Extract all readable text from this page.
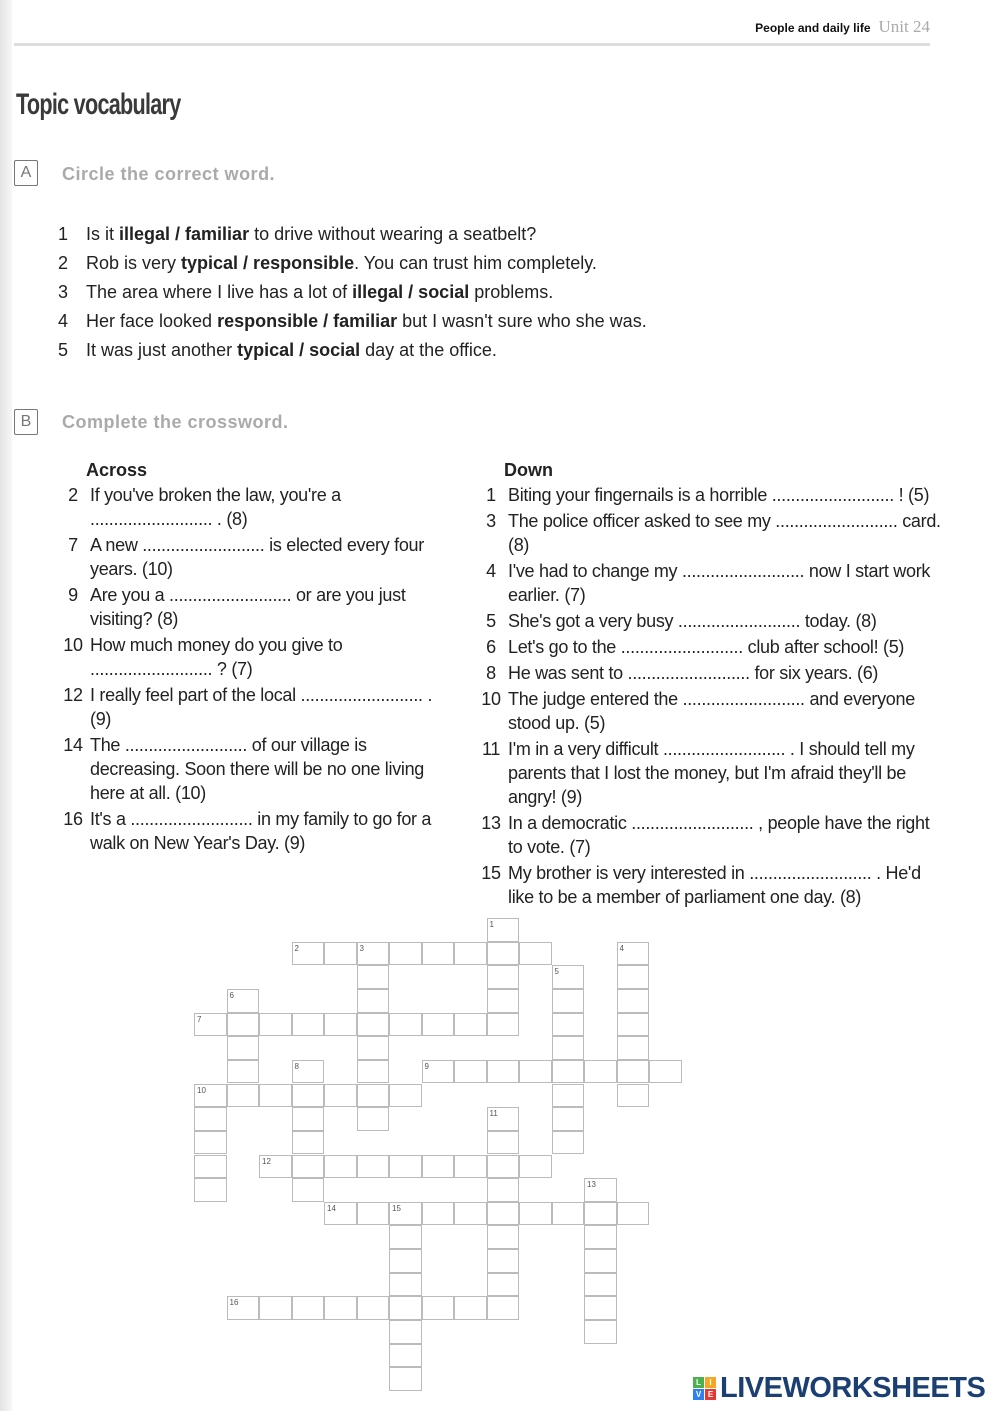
People and daily life Unit 24
Topic vocabulary
A	Circle the correct word.
1 Is it illegal / familiar to drive without wearing a seatbelt?
2 Rob is very typical / responsible. You can trust him completely.
3 The area where I live has a lot of illegal / social problems.
4 Her face looked responsible / familiar but I wasn't sure who she was.
5 It was just another typical / social day at the office.
B	Complete the crossword.
Across
2 If you've broken the law, you're a .......................... . (8)
7 A new .......................... is elected every four years. (10)
9 Are you a .......................... or are you just visiting? (8)
10 How much money do you give to .......................... ? (7)
12 I really feel part of the local .......................... . (9)
14 The .......................... of our village is decreasing. Soon there will be no one living here at all. (10)
16 It's a .......................... in my family to go for a walk on New Year's Day. (9)
Down
1 Biting your fingernails is a horrible .......................... ! (5)
3 The police officer asked to see my .......................... card. (8)
4 I've had to change my .......................... now I start work earlier. (7)
5 She's got a very busy .......................... today. (8)
6 Let's go to the .......................... club after school! (5)
8 He was sent to .......................... for six years. (6)
10 The judge entered the .......................... and everyone stood up. (5)
11 I'm in a very difficult .......................... . I should tell my parents that I lost the money, but I'm afraid they'll be angry! (9)
13 In a democratic .......................... , people have the right to vote. (7)
15 My brother is very interested in .......................... . He'd like to be a member of parliament one day. (8)
1
2	3	4
5
6
7
9
8
10
11
12
13
14	15
16
L	I
V E LIVEWORKSHEETS
